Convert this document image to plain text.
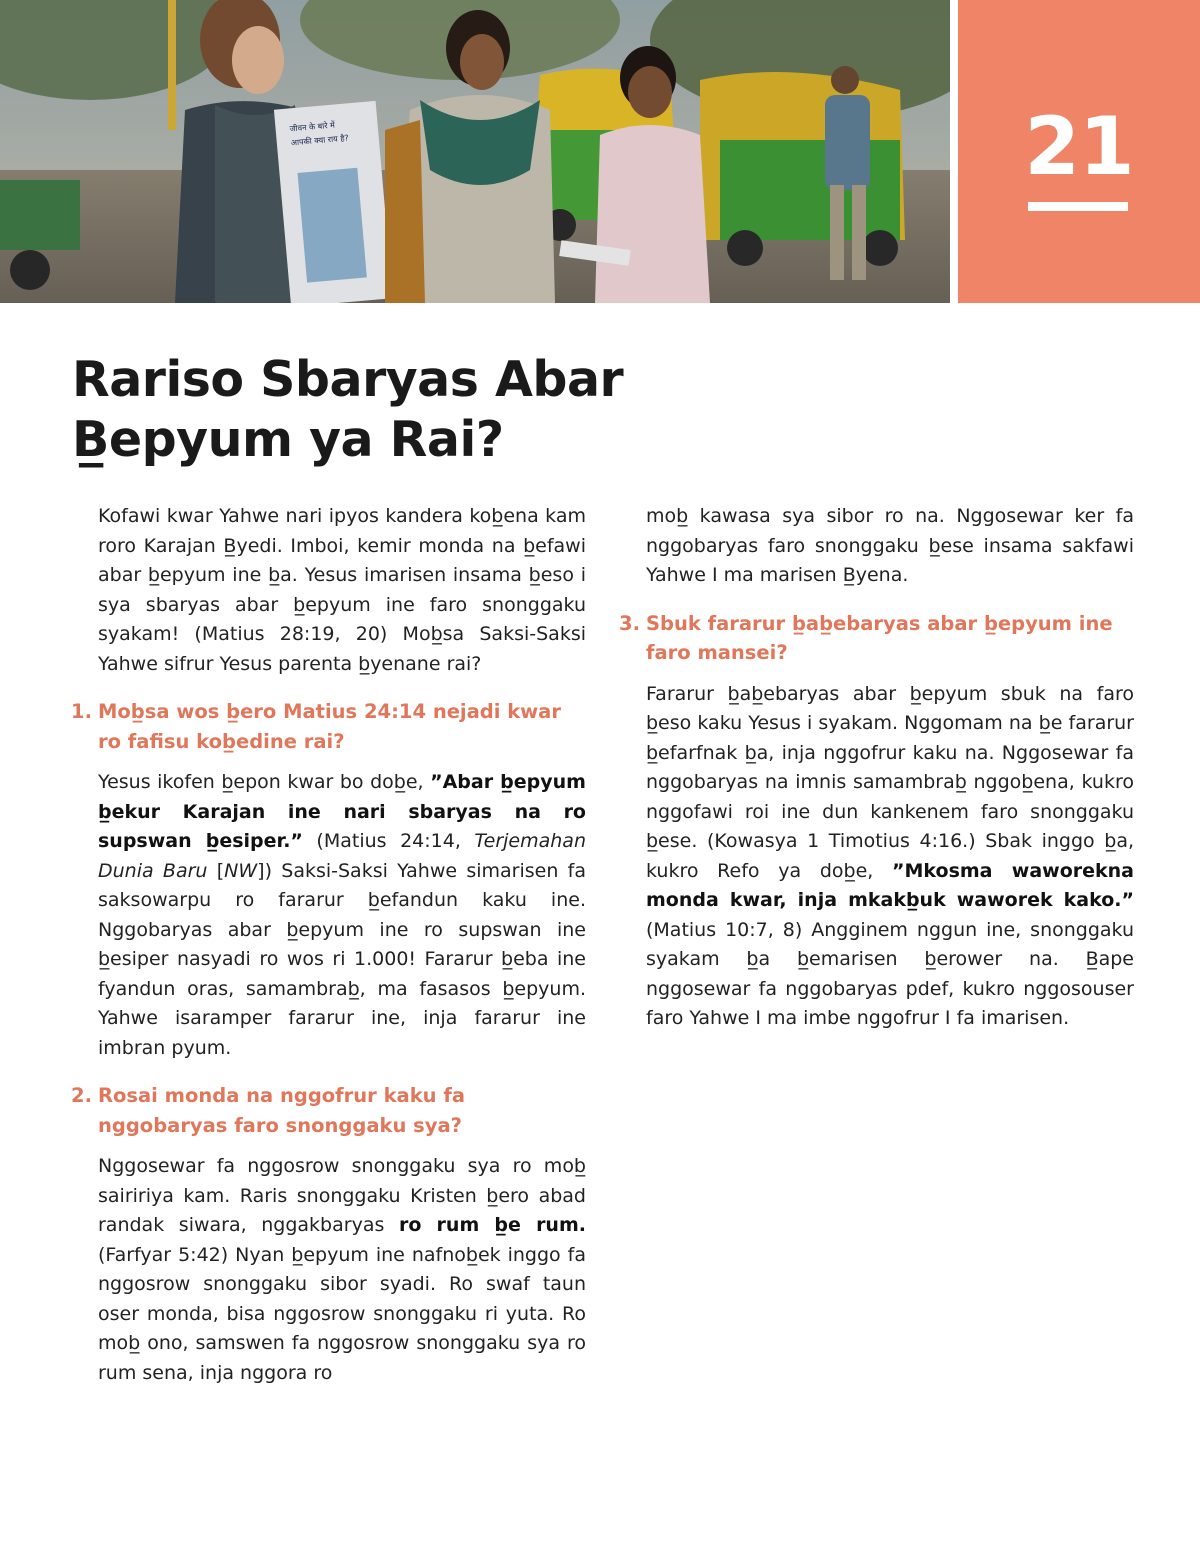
जीवन के बारे में
आपकी क्या राय है?	21
Rariso Sbaryas Abar
B̲epyum ya Rai?

Kofawi kwar Yahwe nari ipyos kandera kob̲ena kam roro Karajan B̲yedi. Imboi, kemir monda na b̲efawi abar b̲epyum ine b̲a. Yesus imarisen insama b̲eso i sya sbaryas abar b̲epyum ine faro snonggaku syakam! (Matius 28:19, 20) Mob̲sa Saksi-Saksi Yahwe sifrur Yesus parenta b̲yenane rai?

1. Mob̲sa wos b̲ero Matius 24:14 nejadi kwar ro fafisu kob̲edine rai?

Yesus ikofen b̲epon kwar bo dob̲e, ”Abar b̲epyum b̲ekur Karajan ine nari sbaryas na ro supswan b̲esiper.” (Matius 24:14, Terjemahan Dunia Baru [NW]) Saksi-Saksi Yahwe simarisen fa saksowarpu ro fararur b̲efandun kaku ine. Nggobaryas abar b̲epyum ine ro supswan ine b̲esiper nasyadi ro wos ri 1.000! Fararur b̲eba ine fyandun oras, samambrab̲, ma fasasos b̲epyum. Yahwe isaramper fararur ine, inja fararur ine imbran pyum.

2. Rosai monda na nggofrur kaku fa nggobaryas faro snonggaku sya?

Nggosewar fa nggosrow snonggaku sya ro mob̲ saiririya kam. Raris snonggaku Kristen b̲ero abad randak siwara, nggakbaryas ro rum b̲e rum. (Farfyar 5:42) Nyan b̲epyum ine nafnob̲ek inggo fa nggosrow snonggaku sibor syadi. Ro swaf taun oser monda, bisa nggosrow snonggaku ri yuta. Ro mob̲ ono, samswen fa nggosrow snonggaku sya ro rum sena, inja nggora ro

mob̲ kawasa sya sibor ro na. Nggosewar ker fa nggobaryas faro snonggaku b̲ese insama sakfawi Yahwe I ma marisen B̲yena.

3. Sbuk fararur b̲ab̲ebaryas abar b̲epyum ine faro mansei?

Fararur b̲ab̲ebaryas abar b̲epyum sbuk na faro b̲eso kaku Yesus i syakam. Nggomam na b̲e fararur b̲efarfnak b̲a, inja nggofrur kaku na. Nggosewar fa nggobaryas na imnis samambrab̲ nggob̲ena, kukro nggofawi roi ine dun kankenem faro snonggaku b̲ese. (Kowasya 1 Timotius 4:16.) Sbak inggo b̲a, kukro Refo ya dob̲e, ”Mkosma waworekna monda kwar, inja mkakb̲uk waworek kako.” (Matius 10:7, 8) Angginem nggun ine, snonggaku syakam b̲a b̲emarisen b̲erower na. B̲ape nggosewar fa nggobaryas pdef, kukro nggosouser faro Yahwe I ma imbe nggofrur I fa imarisen.
